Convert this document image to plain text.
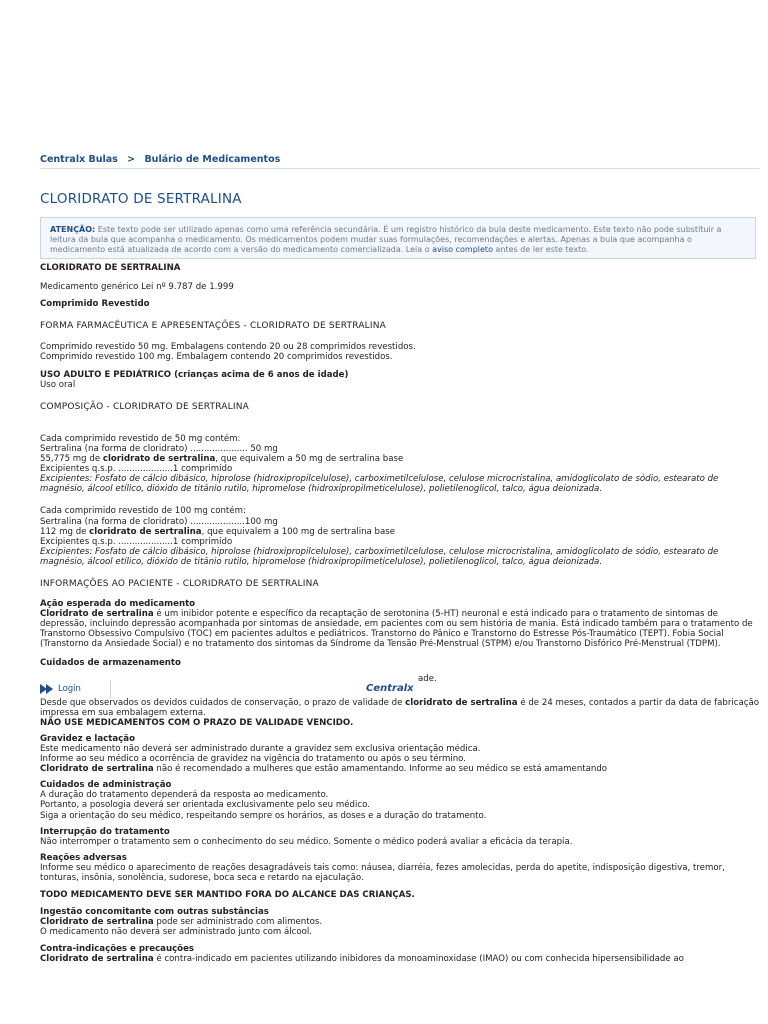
Centralx Bulas > Bulário de Medicamentos
CLORIDRATO DE SERTRALINA
ATENÇÃO: Este texto pode ser utilizado apenas como uma referência secundária. É um registro histórico da bula deste medicamento. Este texto não pode substituir a leitura da bula que acompanha o medicamento. Os medicamentos podem mudar suas formulações, recomendações e alertas. Apenas a bula que acompanha o medicamento está atualizada de acordo com a versão do medicamento comercializada. Leia o aviso completo antes de ler este texto.

CLORIDRATO DE SERTRALINA

Medicamento genérico Lei nº 9.787 de 1.999

Comprimido Revestido

FORMA FARMACÊUTICA E APRESENTAÇÕES - CLORIDRATO DE SERTRALINA

Comprimido revestido 50 mg. Embalagens contendo 20 ou 28 comprimidos revestidos.

Comprimido revestido 100 mg. Embalagem contendo 20 comprimidos revestidos.

USO ADULTO E PEDIÁTRICO (crianças acima de 6 anos de idade)

Uso oral

COMPOSIÇÃO - CLORIDRATO DE SERTRALINA

Cada comprimido revestido de 50 mg contém:

Sertralina (na forma de cloridrato) ..................... 50 mg

55,775 mg de cloridrato de sertralina, que equivalem a 50 mg de sertralina base

Excipientes q.s.p. ....................1 comprimido

Excipientes: Fosfato de cálcio dibásico, hiprolose (hidroxipropilcelulose), carboximetilcelulose, celulose microcristalina, amidoglicolato de sódio, estearato de magnésio, álcool etílico, dióxido de titânio rutilo, hipromelose (hidroxipropilmeticelulose), polietilenoglicol, talco, água deionizada.

Cada comprimido revestido de 100 mg contém:

Sertralina (na forma de cloridrato) ....................100 mg

112 mg de cloridrato de sertralina, que equivalem a 100 mg de sertralina base

Excipientes q.s.p. ....................1 comprimido

Excipientes: Fosfato de cálcio dibásico, hiprolose (hidroxipropilcelulose), carboximetilcelulose, celulose microcristalina, amidoglicolato de sódio, estearato de magnésio, álcool etílico, dióxido de titânio rutilo, hipromelose (hidroxipropilmeticelulose), polietilenoglicol, talco, água deionizada.

INFORMAÇÕES AO PACIENTE - CLORIDRATO DE SERTRALINA

Ação esperada do medicamento

Cloridrato de sertralina é um inibidor potente e específico da recaptação de serotonina (5-HT) neuronal e está indicado para o tratamento de sintomas de depressão, incluindo depressão acompanhada por sintomas de ansiedade, em pacientes com ou sem história de mania. Está indicado também para o tratamento de Transtorno Obsessivo Compulsivo (TOC) em pacientes adultos e pediátricos. Transtorno do Pânico e Transtorno do Estresse Pós-Traumático (TEPT). Fobia Social (Transtorno da Ansiedade Social) e no tratamento dos sintomas da Síndrome da Tensão Pré-Menstrual (STPM) e/ou Transtorno Disfórico Pré-Menstrual (TDPM).

Cuidados de armazenamento

Desde que observados os devidos cuidados de conservação, o prazo de validade de cloridrato de sertralina é de 24 meses, contados a partir da data de fabricação impressa em sua embalagem externa.

NÃO USE MEDICAMENTOS COM O PRAZO DE VALIDADE VENCIDO.

Gravidez e lactação

Este medicamento não deverá ser administrado durante a gravidez sem exclusiva orientação médica.

Informe ao seu médico a ocorrência de gravidez na vigência do tratamento ou após o seu término.

Cloridrato de sertralina não é recomendado a mulheres que estão amamentando. Informe ao seu médico se está amamentando

Cuidados de administração

A duração do tratamento dependerá da resposta ao medicamento.

Portanto, a posologia deverá ser orientada exclusivamente pelo seu médico.

Siga a orientação do seu médico, respeitando sempre os horários, as doses e a duração do tratamento.

Interrupção do tratamento

Não interromper o tratamento sem o conhecimento do seu médico. Somente o médico poderá avaliar a eficácia da terapia.

Reações adversas

Informe seu médico o aparecimento de reações desagradáveis tais como: náusea, diarréia, fezes amolecidas, perda do apetite, indisposição digestiva, tremor, tonturas, insônia, sonolência, sudorese, boca seca e retardo na ejaculação.

TODO MEDICAMENTO DEVE SER MANTIDO FORA DO ALCANCE DAS CRIANÇAS.

Ingestão concomitante com outras substâncias

Cloridrato de sertralina pode ser administrado com alimentos.

O medicamento não deverá ser administrado junto com álcool.

Contra-indicações e precauções

Cloridrato de sertralina é contra-indicado em pacientes utilizando inibidores da monoaminoxidase (IMAO) ou com conhecida hipersensibilidade ao

Login	Centralx
ade.
